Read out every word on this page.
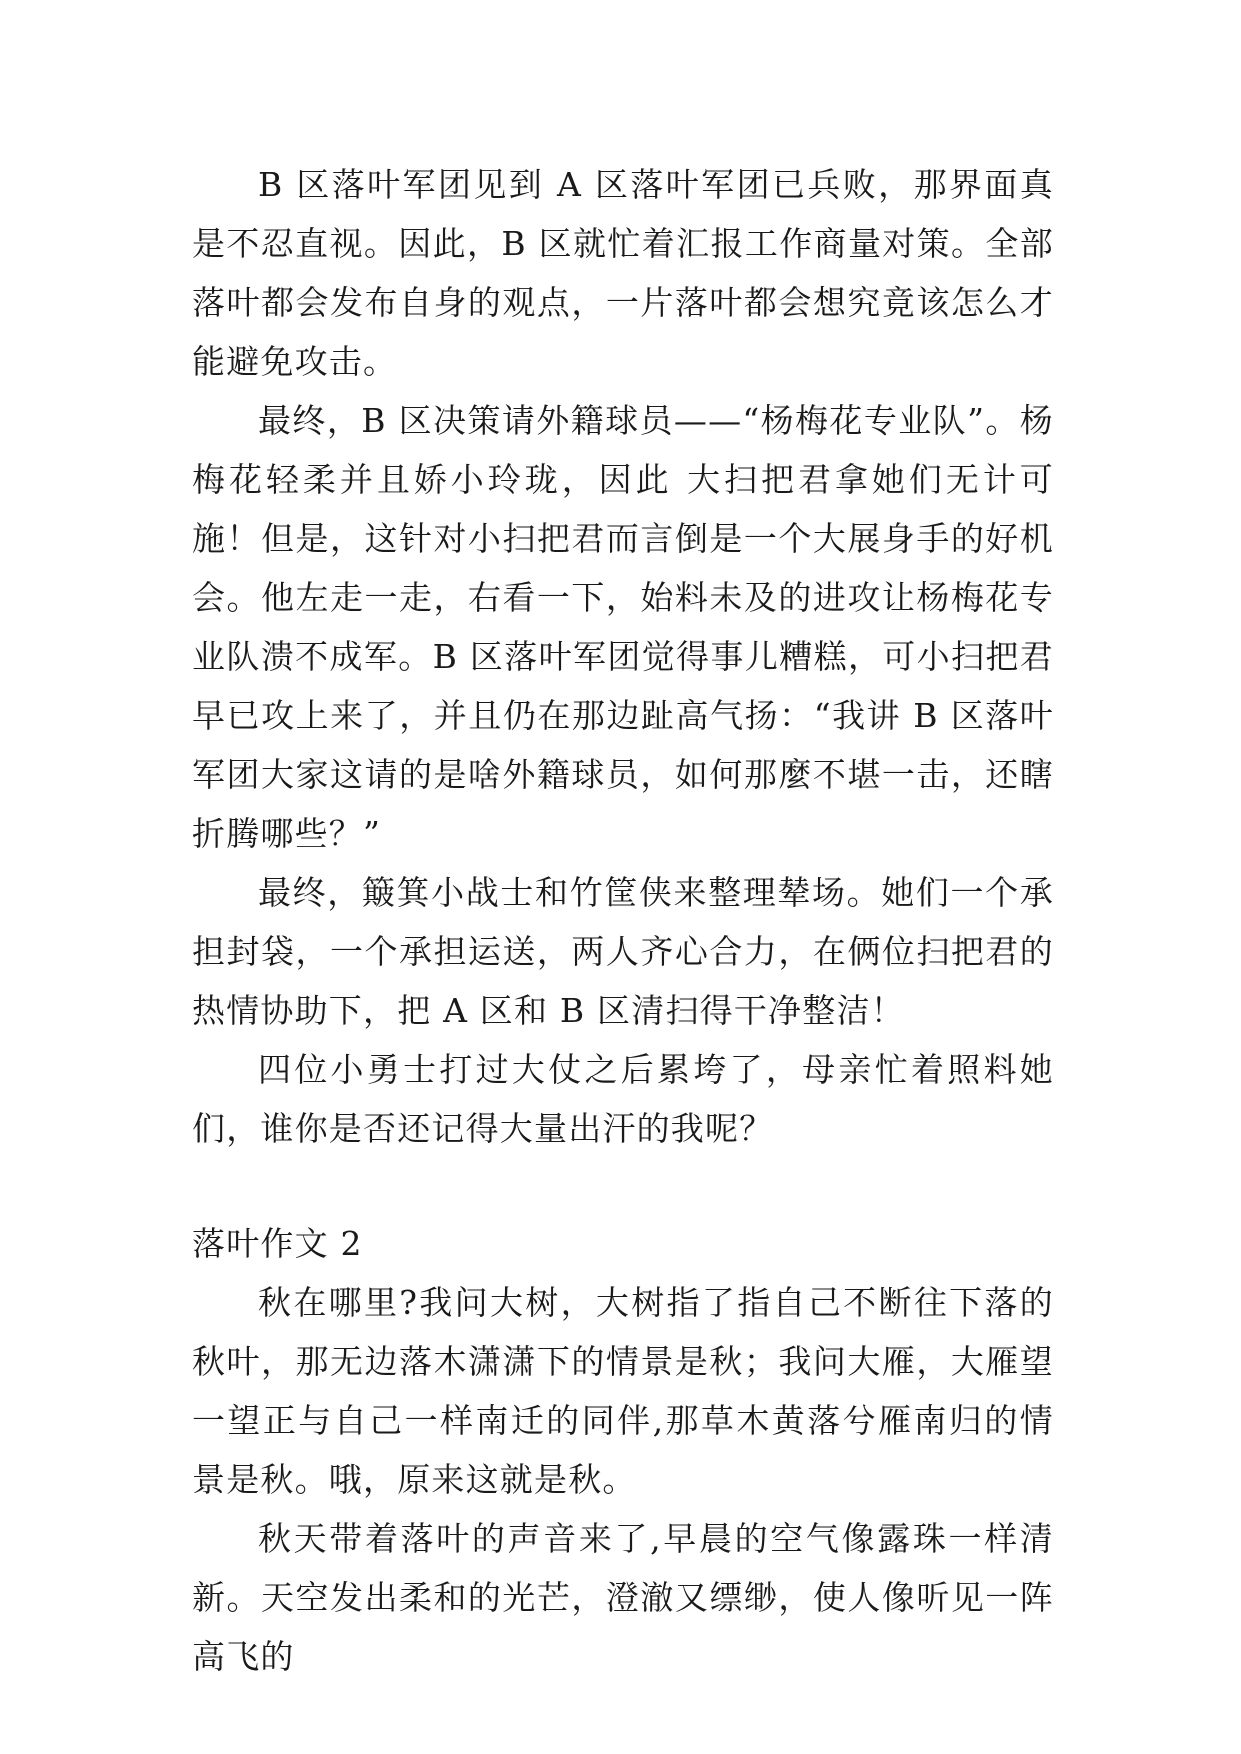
B 区落叶军团见到 A 区落叶军团已兵败，那界面真是不忍直视。因此，B 区就忙着汇报工作商量对策。全部落叶都会发布自身的观点，一片落叶都会想究竟该怎么才能避免攻击。

最终，B 区决策请外籍球员——“杨梅花专业队”。杨梅花轻柔并且娇小玲珑，因此 大扫把君拿她们无计可施！但是，这针对小扫把君而言倒是一个大展身手的好机会。他左走一走，右看一下，始料未及的进攻让杨梅花专业队溃不成军。B 区落叶军团觉得事儿糟糕，可小扫把君早已攻上来了，并且仍在那边趾高气扬：“我讲 B 区落叶军团大家这请的是啥外籍球员，如何那麼不堪一击，还瞎折腾哪些？”

最终，簸箕小战士和竹筐侠来整理辇场。她们一个承担封袋，一个承担运送，两人齐心合力，在俩位扫把君的热情协助下，把 A 区和 B 区清扫得干净整洁！

四位小勇士打过大仗之后累垮了，母亲忙着照料她们，谁你是否还记得大量出汗的我呢？

落叶作文 2

秋在哪里?我问大树，大树指了指自己不断往下落的秋叶，那无边落木潇潇下的情景是秋；我问大雁，大雁望一望正与自己一样南迁的同伴,那草木黄落兮雁南归的情景是秋。哦，原来这就是秋。

秋天带着落叶的声音来了,早晨的空气像露珠一样清新。天空发出柔和的光芒，澄澈又缥缈，使人像听见一阵高飞的
